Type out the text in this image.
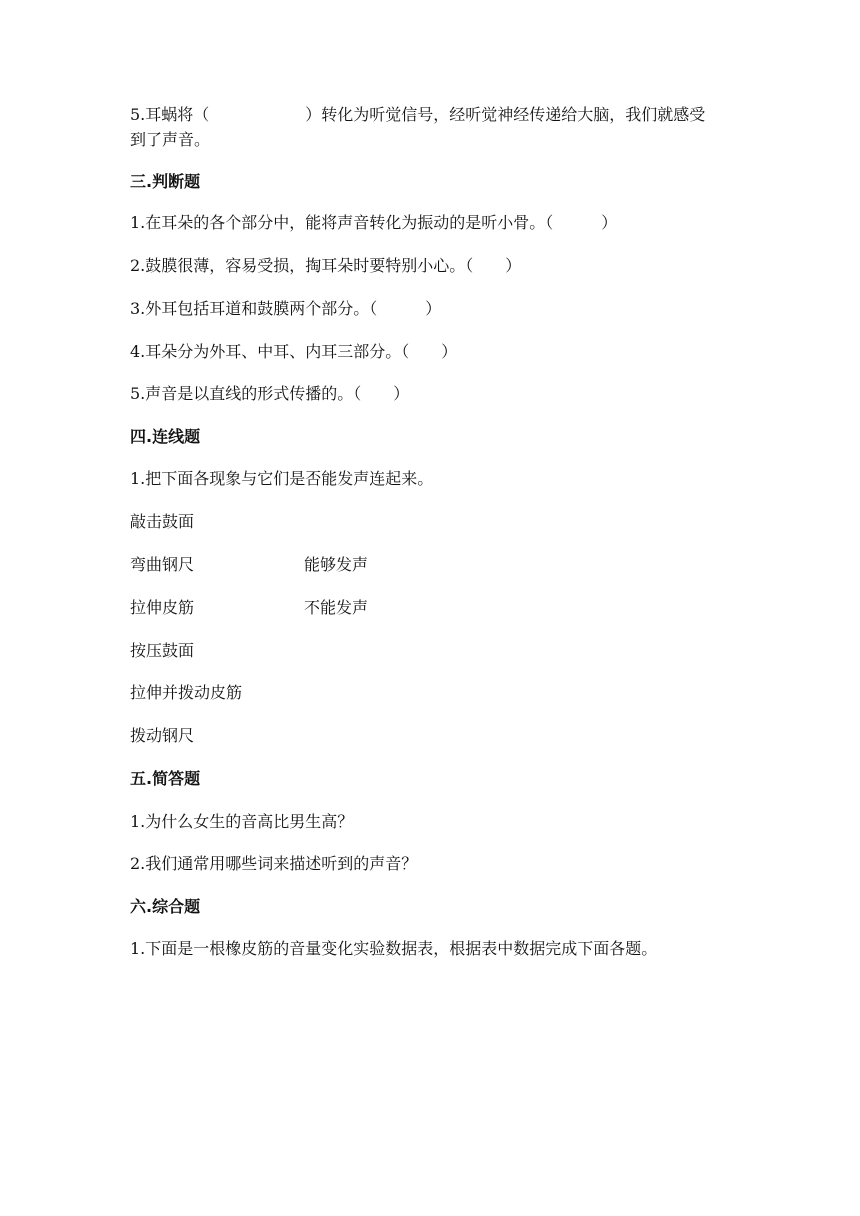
5.耳蜗将（　　　　　　）转化为听觉信号，经听觉神经传递给大脑，我们就感受
到了声音。
三.判断题
1.在耳朵的各个部分中，能将声音转化为振动的是听小骨。（　　　）
2.鼓膜很薄，容易受损，掏耳朵时要特别小心。（　　）
3.外耳包括耳道和鼓膜两个部分。（　　　）
4.耳朵分为外耳、中耳、内耳三部分。（　　）
5.声音是以直线的形式传播的。（　　）
四.连线题
1.把下面各现象与它们是否能发声连起来。
敲击鼓面
弯曲钢尺	能够发声
拉伸皮筋	不能发声
按压鼓面
拉伸并拨动皮筋
拨动钢尺
五.简答题
1.为什么女生的音高比男生高？
2.我们通常用哪些词来描述听到的声音？
六.综合题
1.下面是一根橡皮筋的音量变化实验数据表，根据表中数据完成下面各题。
